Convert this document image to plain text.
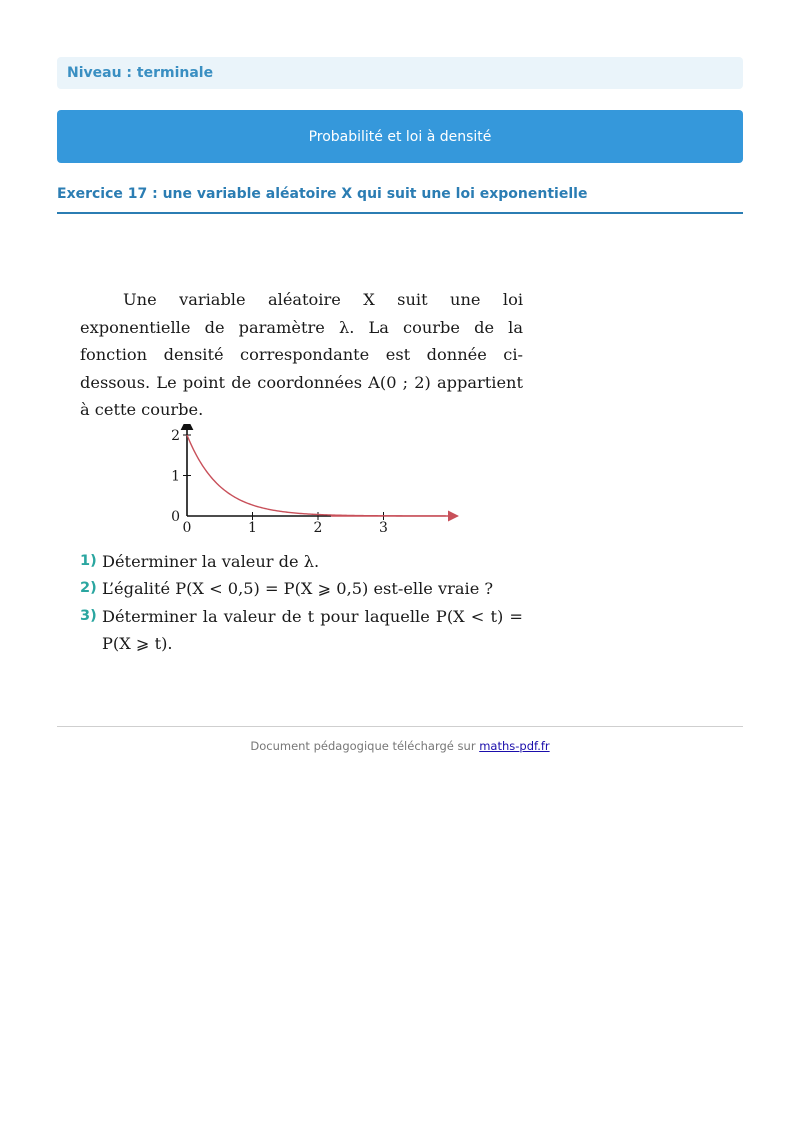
Niveau : terminale
Probabilité et loi à densité
Exercice 17 : une variable aléatoire X qui suit une loi exponentielle

Une variable aléatoire X suit une loi exponentielle de paramètre λ. La courbe de la fonction densité correspondante est donnée ci-dessous. Le point de coordonnées A(0 ; 2) appartient à cette courbe.

0	1	2	3
0
1
2
1) Déterminer la valeur de λ.
2) L’égalité P(X < 0,5) = P(X ⩾ 0,5) est-elle vraie ?
3) Déterminer la valeur de t pour laquelle P(X < t) = P(X ⩾ t).
Document pédagogique téléchargé sur maths-pdf.fr
